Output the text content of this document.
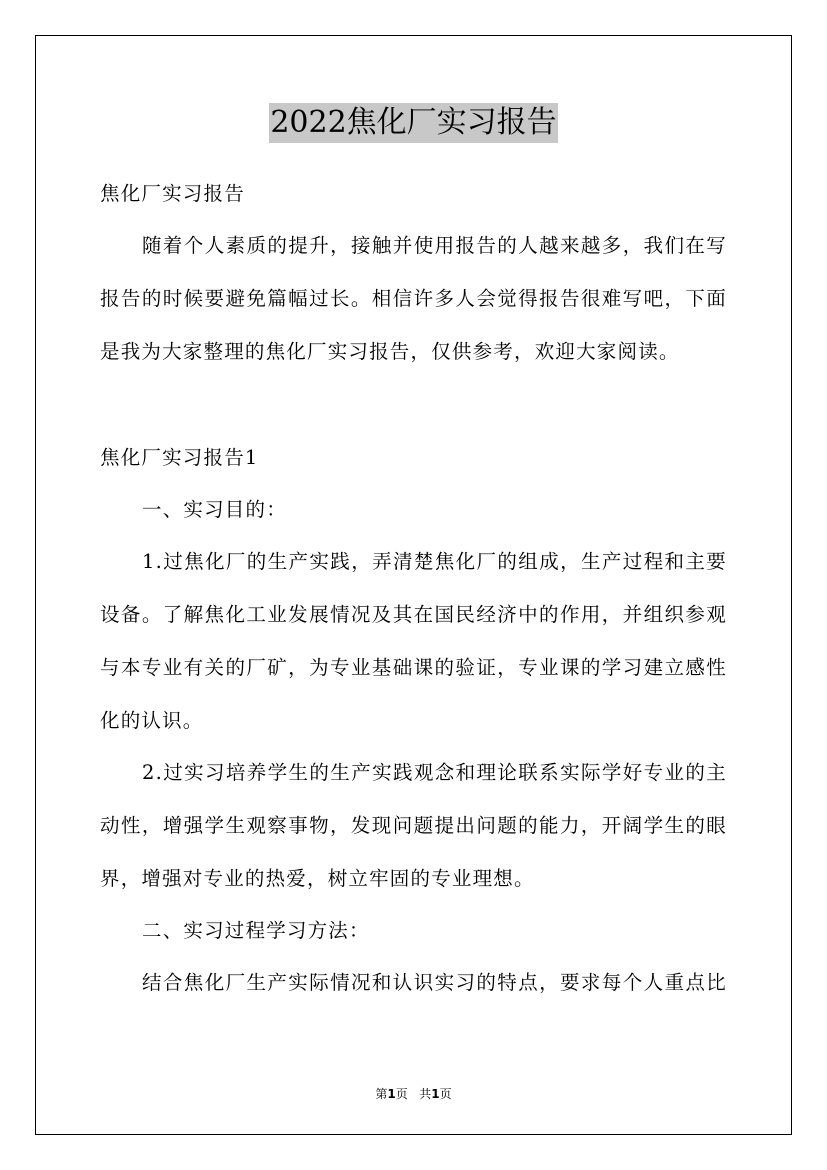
2022焦化厂实习报告
焦化厂实习报告
随着个人素质的提升，接触并使用报告的人越来越多，我们在写
报告的时候要避免篇幅过长。相信许多人会觉得报告很难写吧，下面
是我为大家整理的焦化厂实习报告，仅供参考，欢迎大家阅读。
焦化厂实习报告1
一、实习目的：
1.过焦化厂的生产实践，弄清楚焦化厂的组成，生产过程和主要
设备。了解焦化工业发展情况及其在国民经济中的作用，并组织参观
与本专业有关的厂矿，为专业基础课的验证，专业课的学习建立感性
化的认识。
2.过实习培养学生的生产实践观念和理论联系实际学好专业的主
动性，增强学生观察事物，发现问题提出问题的能力，开阔学生的眼
界，增强对专业的热爱，树立牢固的专业理想。
二、实习过程学习方法：
结合焦化厂生产实际情况和认识实习的特点，要求每个人重点比
第1页 共1页
